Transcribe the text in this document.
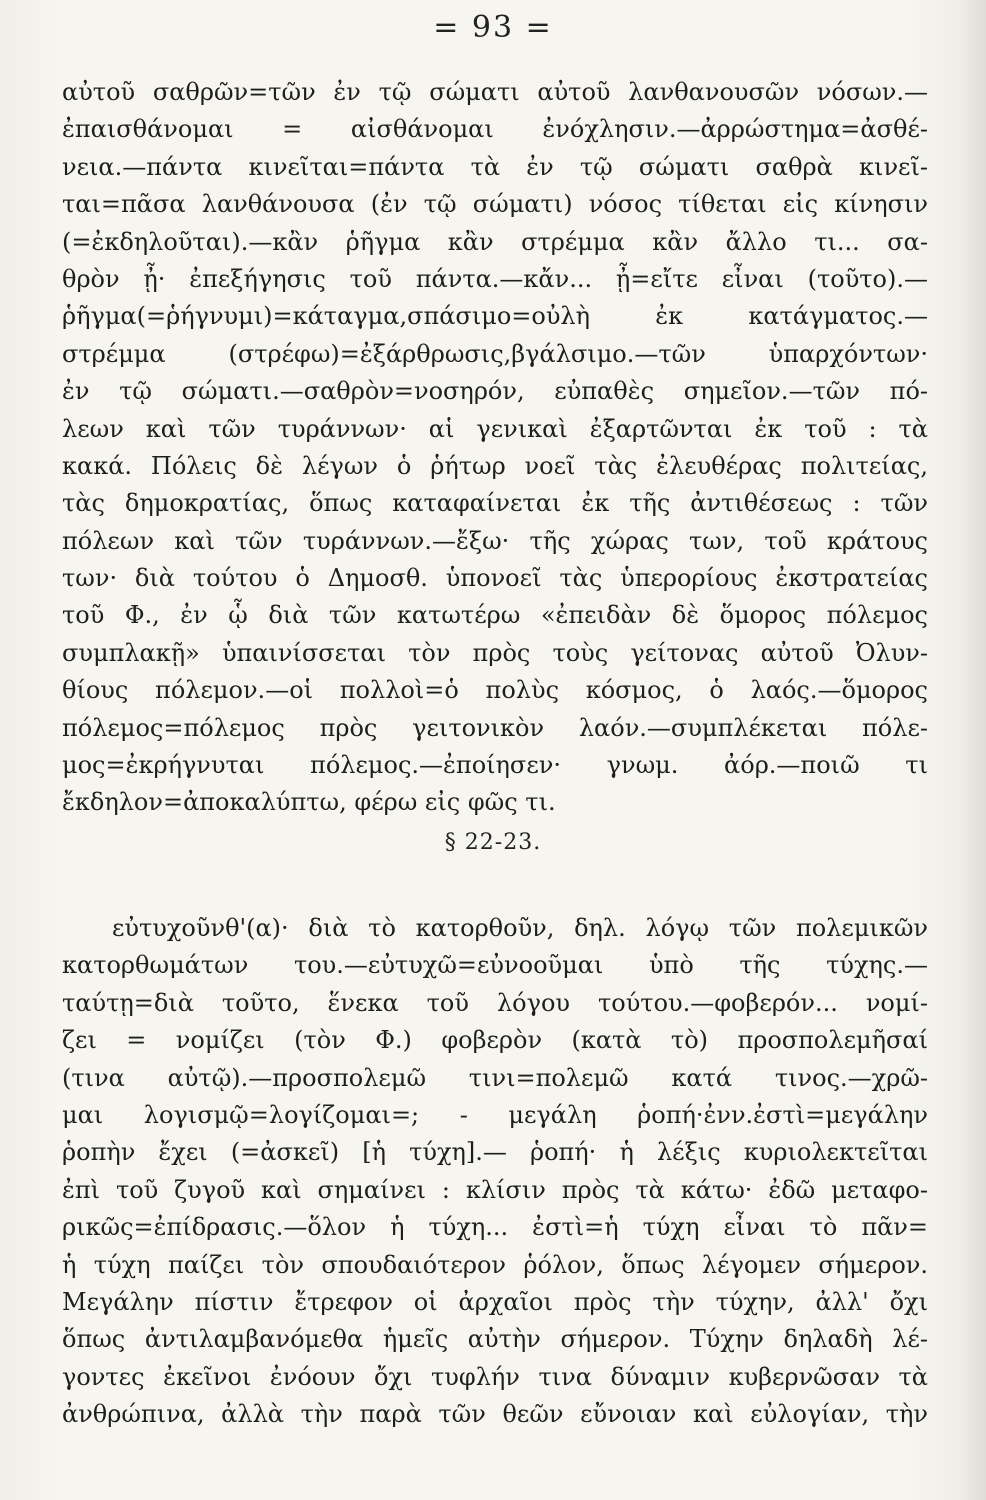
= 93 =
αὐτοῦ σαθρῶν=τῶν ἐν τῷ σώματι αὐτοῦ λανθανουσῶν νόσων.—
ἐπαισθάνομαι = αἰσθάνομαι ἐνόχλησιν.—ἀρρώστημα=ἀσθέ-
νεια.—πάντα κινεῖται=πάντα τὰ ἐν τῷ σώματι σαθρὰ κινεῖ-
ται=πᾶσα λανθάνουσα (ἐν τῷ σώματι) νόσος τίθεται εἰς κίνησιν
(=ἐκδηλοῦται).—κἂν ῥῆγμα κἂν στρέμμα κἂν ἄλλο τι... σα-
θρὸν ᾖ· ἐπεξήγησις τοῦ πάντα.—κἄν... ᾖ=εἴτε εἶναι (τοῦτο).—
ῥῆγμα(=ῥήγνυμι)=κάταγμα,σπάσιμο=οὐλὴ ἐκ κατάγματος.—
στρέμμα (στρέφω)=ἐξάρθρωσις,βγάλσιμο.—τῶν ὑπαρχόντων·
ἐν τῷ σώματι.—σαθρὸν=νοσηρόν, εὐπαθὲς σημεῖον.—τῶν πό-
λεων καὶ τῶν τυράννων· αἱ γενικαὶ ἐξαρτῶνται ἐκ τοῦ : τὰ
κακά. Πόλεις δὲ λέγων ὁ ῥήτωρ νοεῖ τὰς ἐλευθέρας πολιτείας,
τὰς δημοκρατίας, ὅπως καταφαίνεται ἐκ τῆς ἀντιθέσεως : τῶν
πόλεων καὶ τῶν τυράννων.—ἔξω· τῆς χώρας των, τοῦ κράτους
των· διὰ τούτου ὁ Δημοσθ. ὑπονοεῖ τὰς ὑπερορίους ἐκστρατείας
τοῦ Φ., ἐν ᾧ διὰ τῶν κατωτέρω «ἐπειδὰν δὲ ὅμορος πόλεμος
συμπλακῇ» ὑπαινίσσεται τὸν πρὸς τοὺς γείτονας αὐτοῦ Ὀλυν-
θίους πόλεμον.—οἱ πολλοὶ=ὁ πολὺς κόσμος, ὁ λαός.—ὅμορος
πόλεμος=πόλεμος πρὸς γειτονικὸν λαόν.—συμπλέκεται πόλε-
μος=ἐκρήγνυται πόλεμος.—ἐποίησεν· γνωμ. ἀόρ.—ποιῶ τι
ἔκδηλον=ἀποκαλύπτω, φέρω εἰς φῶς τι.
§ 22-23.
εὐτυχοῦνθ'(α)· διὰ τὸ κατορθοῦν, δηλ. λόγῳ τῶν πολεμικῶν
κατορθωμάτων του.—εὐτυχῶ=εὐνοοῦμαι ὑπὸ τῆς τύχης.—
ταύτῃ=διὰ τοῦτο, ἕνεκα τοῦ λόγου τούτου.—φοβερόν... νομί-
ζει = νομίζει (τὸν Φ.) φοβερὸν (κατὰ τὸ) προσπολεμῆσαί
(τινα αὐτῷ).—προσπολεμῶ τινι=πολεμῶ κατά τινος.—χρῶ-
μαι λογισμῷ=λογίζομαι=; - μεγάλη ῥοπή·ἐνν.ἐστὶ=μεγάλην
ῥοπὴν ἔχει (=ἀσκεῖ) [ἡ τύχη].— ῥοπή· ἡ λέξις κυριολεκτεῖται
ἐπὶ τοῦ ζυγοῦ καὶ σημαίνει : κλίσιν πρὸς τὰ κάτω· ἐδῶ μεταφο-
ρικῶς=ἐπίδρασις.—ὅλον ἡ τύχη... ἐστὶ=ἡ τύχη εἶναι τὸ πᾶν=
ἡ τύχη παίζει τὸν σπουδαιότερον ῥόλον, ὅπως λέγομεν σήμερον.
Μεγάλην πίστιν ἔτρεφον οἱ ἀρχαῖοι πρὸς τὴν τύχην, ἀλλ' ὄχι
ὅπως ἀντιλαμβανόμεθα ἡμεῖς αὐτὴν σήμερον. Τύχην δηλαδὴ λέ-
γοντες ἐκεῖνοι ἐνόουν ὄχι τυφλήν τινα δύναμιν κυβερνῶσαν τὰ
ἀνθρώπινα, ἀλλὰ τὴν παρὰ τῶν θεῶν εὔνοιαν καὶ εὐλογίαν, τὴν
